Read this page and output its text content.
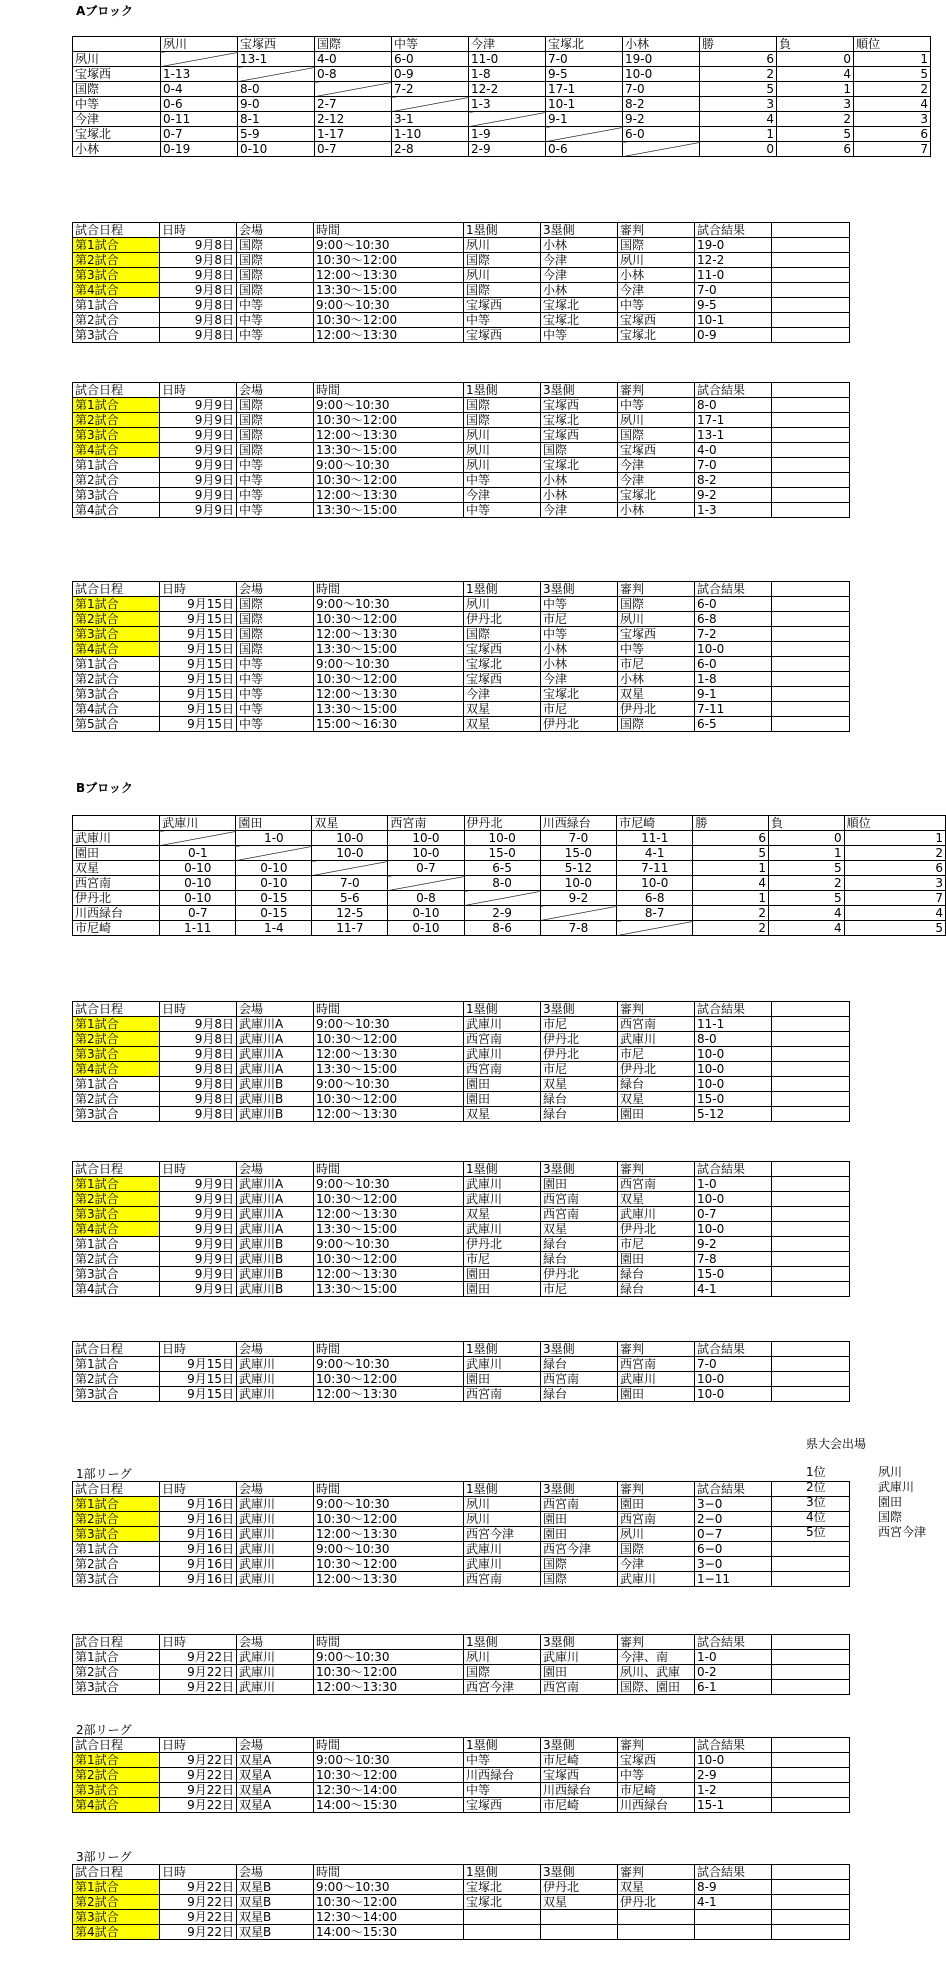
Aブロック
	夙川	宝塚西	国際	中等	今津	宝塚北	小林	勝	負	順位
夙川		13-1	4-0	6-0	11-0	7-0	19-0	6	0	1
宝塚西	1-13		0-8	0-9	1-8	9-5	10-0	2	4	5
国際	0-4	8-0		7-2	12-2	17-1	7-0	5	1	2
中等	0-6	9-0	2-7		1-3	10-1	8-2	3	3	4
今津	0-11	8-1	2-12	3-1		9-1	9-2	4	2	3
宝塚北	0-7	5-9	1-17	1-10	1-9		6-0	1	5	6
小林	0-19	0-10	0-7	2-8	2-9	0-6		0	6	7
試合日程	日時	会場	時間	1塁側	3塁側	審判	試合結果	
第1試合	9月8日	国際	9:00〜10:30	夙川	小林	国際	19-0	
第2試合	9月8日	国際	10:30〜12:00	国際	今津	夙川	12-2	
第3試合	9月8日	国際	12:00〜13:30	夙川	今津	小林	11-0	
第4試合	9月8日	国際	13:30〜15:00	国際	小林	今津	7-0	
第1試合	9月8日	中等	9:00〜10:30	宝塚西	宝塚北	中等	9-5	
第2試合	9月8日	中等	10:30〜12:00	中等	宝塚北	宝塚西	10-1	
第3試合	9月8日	中等	12:00〜13:30	宝塚西	中等	宝塚北	0-9	
試合日程	日時	会場	時間	1塁側	3塁側	審判	試合結果	
第1試合	9月9日	国際	9:00〜10:30	国際	宝塚西	中等	8-0	
第2試合	9月9日	国際	10:30〜12:00	国際	宝塚北	夙川	17-1	
第3試合	9月9日	国際	12:00〜13:30	夙川	宝塚西	国際	13-1	
第4試合	9月9日	国際	13:30〜15:00	夙川	国際	宝塚西	4-0	
第1試合	9月9日	中等	9:00〜10:30	夙川	宝塚北	今津	7-0	
第2試合	9月9日	中等	10:30〜12:00	中等	小林	今津	8-2	
第3試合	9月9日	中等	12:00〜13:30	今津	小林	宝塚北	9-2	
第4試合	9月9日	中等	13:30〜15:00	中等	今津	小林	1-3	
試合日程	日時	会場	時間	1塁側	3塁側	審判	試合結果	
第1試合	9月15日	国際	9:00〜10:30	夙川	中等	国際	6-0	
第2試合	9月15日	国際	10:30〜12:00	伊丹北	市尼	夙川	6-8	
第3試合	9月15日	国際	12:00〜13:30	国際	中等	宝塚西	7-2	
第4試合	9月15日	国際	13:30〜15:00	宝塚西	小林	中等	10-0	
第1試合	9月15日	中等	9:00〜10:30	宝塚北	小林	市尼	6-0	
第2試合	9月15日	中等	10:30〜12:00	宝塚西	今津	小林	1-8	
第3試合	9月15日	中等	12:00〜13:30	今津	宝塚北	双星	9-1	
第4試合	9月15日	中等	13:30〜15:00	双星	市尼	伊丹北	7-11	
第5試合	9月15日	中等	15:00〜16:30	双星	伊丹北	国際	6-5	
Bブロック
	武庫川	園田	双星	西宮南	伊丹北	川西緑台	市尼崎	勝	負	順位
武庫川		1-0	10-0	10-0	10-0	7-0	11-1	6	0	1
園田	0-1		10-0	10-0	15-0	15-0	4-1	5	1	2
双星	0-10	0-10		0-7	6-5	5-12	7-11	1	5	6
西宮南	0-10	0-10	7-0		8-0	10-0	10-0	4	2	3
伊丹北	0-10	0-15	5-6	0-8		9-2	6-8	1	5	7
川西緑台	0-7	0-15	12-5	0-10	2-9		8-7	2	4	4
市尼崎	1-11	1-4	11-7	0-10	8-6	7-8		2	4	5
試合日程	日時	会場	時間	1塁側	3塁側	審判	試合結果	
第1試合	9月8日	武庫川A	9:00〜10:30	武庫川	市尼	西宮南	11-1	
第2試合	9月8日	武庫川A	10:30〜12:00	西宮南	伊丹北	武庫川	8-0	
第3試合	9月8日	武庫川A	12:00〜13:30	武庫川	伊丹北	市尼	10-0	
第4試合	9月8日	武庫川A	13:30〜15:00	西宮南	市尼	伊丹北	10-0	
第1試合	9月8日	武庫川B	9:00〜10:30	園田	双星	緑台	10-0	
第2試合	9月8日	武庫川B	10:30〜12:00	園田	緑台	双星	15-0	
第3試合	9月8日	武庫川B	12:00〜13:30	双星	緑台	園田	5-12	
試合日程	日時	会場	時間	1塁側	3塁側	審判	試合結果	
第1試合	9月9日	武庫川A	9:00〜10:30	武庫川	園田	西宮南	1-0	
第2試合	9月9日	武庫川A	10:30〜12:00	武庫川	西宮南	双星	10-0	
第3試合	9月9日	武庫川A	12:00〜13:30	双星	西宮南	武庫川	0-7	
第4試合	9月9日	武庫川A	13:30〜15:00	武庫川	双星	伊丹北	10-0	
第1試合	9月9日	武庫川B	9:00〜10:30	伊丹北	緑台	市尼	9-2	
第2試合	9月9日	武庫川B	10:30〜12:00	市尼	緑台	園田	7-8	
第3試合	9月9日	武庫川B	12:00〜13:30	園田	伊丹北	緑台	15-0	
第4試合	9月9日	武庫川B	13:30〜15:00	園田	市尼	緑台	4-1	
試合日程	日時	会場	時間	1塁側	3塁側	審判	試合結果	
第1試合	9月15日	武庫川	9:00〜10:30	武庫川	緑台	西宮南	7-0	
第2試合	9月15日	武庫川	10:30〜12:00	園田	西宮南	武庫川	10-0	
第3試合	9月15日	武庫川	12:00〜13:30	西宮南	緑台	園田	10-0	
1部リーグ
試合日程	日時	会場	時間	1塁側	3塁側	審判	試合結果	
第1試合	9月16日	武庫川	9:00〜10:30	夙川	西宮南	園田	3−0	
第2試合	9月16日	武庫川	10:30〜12:00	夙川	園田	西宮南	2−0	
第3試合	9月16日	武庫川	12:00〜13:30	西宮今津	園田	夙川	0−7	
第1試合	9月16日	武庫川	9:00〜10:30	武庫川	西宮今津	国際	6−0	
第2試合	9月16日	武庫川	10:30〜12:00	武庫川	国際	今津	3−0	
第3試合	9月16日	武庫川	12:00〜13:30	西宮南	国際	武庫川	1−11	
試合日程	日時	会場	時間	1塁側	3塁側	審判	試合結果	
第1試合	9月22日	武庫川	9:00〜10:30	夙川	武庫川	今津、南	1-0	
第2試合	9月22日	武庫川	10:30〜12:00	国際	園田	夙川、武庫	0-2	
第3試合	9月22日	武庫川	12:00〜13:30	西宮今津	西宮南	国際、園田	6-1	
2部リーグ
試合日程	日時	会場	時間	1塁側	3塁側	審判	試合結果	
第1試合	9月22日	双星A	9:00〜10:30	中等	市尼崎	宝塚西	10-0	
第2試合	9月22日	双星A	10:30〜12:00	川西緑台	宝塚西	中等	2-9	
第3試合	9月22日	双星A	12:30〜14:00	中等	川西緑台	市尼崎	1-2	
第4試合	9月22日	双星A	14:00〜15:30	宝塚西	市尼崎	川西緑台	15-1	
3部リーグ
試合日程	日時	会場	時間	1塁側	3塁側	審判	試合結果	
第1試合	9月22日	双星B	9:00〜10:30	宝塚北	伊丹北	双星	8-9	
第2試合	9月22日	双星B	10:30〜12:00	宝塚北	双星	伊丹北	4-1	
第3試合	9月22日	双星B	12:30〜14:00					
第4試合	9月22日	双星B	14:00〜15:30					
県大会出場
1位	夙川
2位	武庫川
3位	園田
4位	国際
5位	西宮今津
